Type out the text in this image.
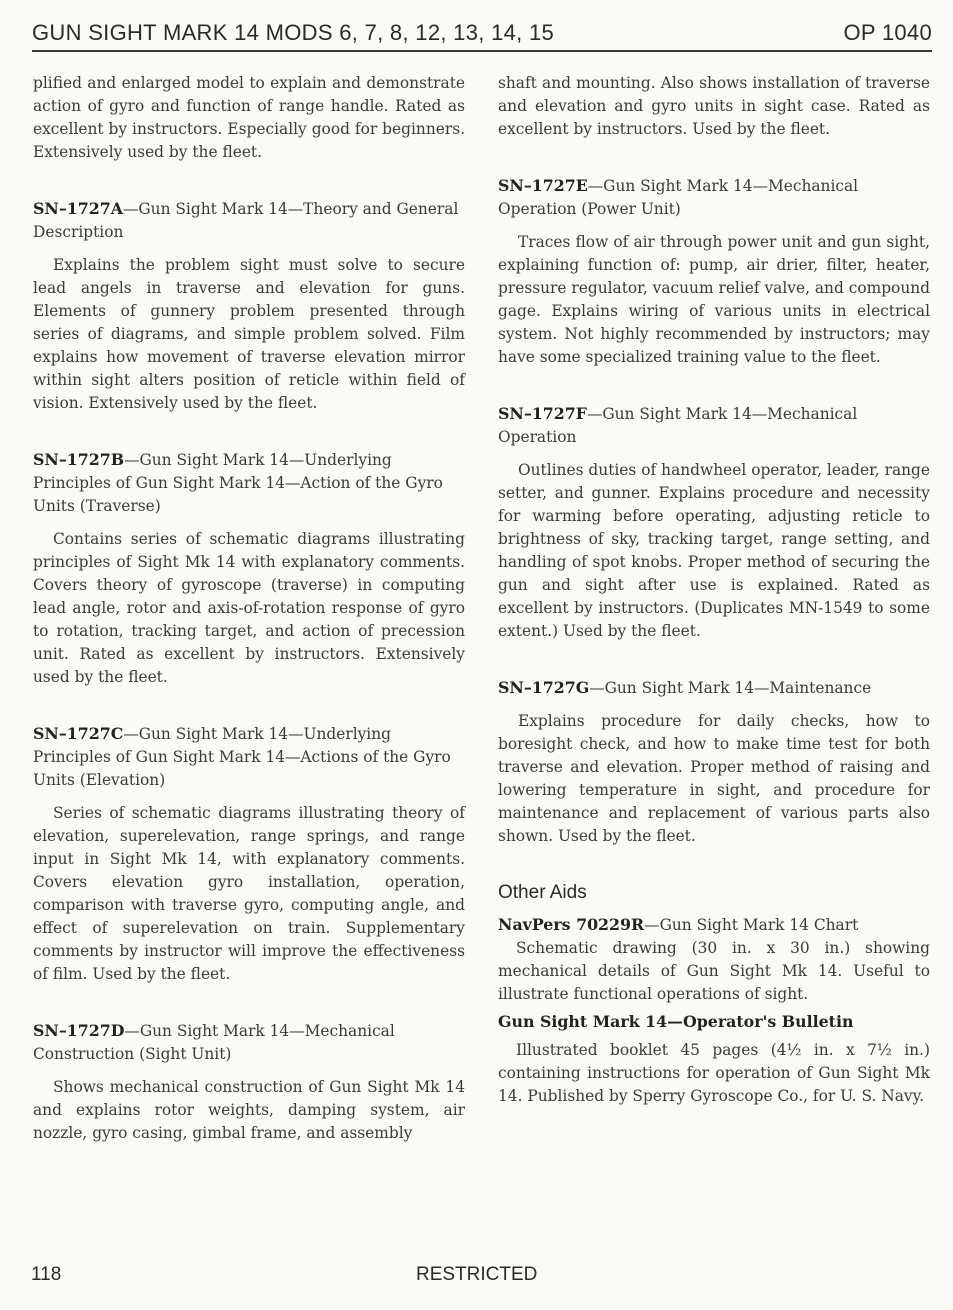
GUN SIGHT MARK 14 MODS 6, 7, 8, 12, 13, 14, 15	OP 1040

plified and enlarged model to explain and demonstrate action of gyro and function of range handle. Rated as excellent by instructors. Especially good for beginners. Extensively used by the fleet.

SN–1727A—Gun Sight Mark 14—Theory and General Description

Explains the problem sight must solve to secure lead angels in traverse and elevation for guns. Elements of gunnery problem presented through series of diagrams, and simple problem solved. Film explains how movement of traverse elevation mirror within sight alters position of reticle within field of vision. Extensively used by the fleet.

SN–1727B—Gun Sight Mark 14—Underlying Principles of Gun Sight Mark 14—Action of the Gyro Units (Traverse)

Contains series of schematic diagrams illustrating principles of Sight Mk 14 with explanatory comments. Covers theory of gyroscope (traverse) in computing lead angle, rotor and axis-of-rotation response of gyro to rotation, tracking target, and action of precession unit. Rated as excellent by instructors. Extensively used by the fleet.

SN–1727C—Gun Sight Mark 14—Underlying Principles of Gun Sight Mark 14—Actions of the Gyro Units (Elevation)

Series of schematic diagrams illustrating theory of elevation, superelevation, range springs, and range input in Sight Mk 14, with explanatory comments. Covers elevation gyro installation, operation, comparison with traverse gyro, computing angle, and effect of superelevation on train. Supplementary comments by instructor will improve the effectiveness of film. Used by the fleet.

SN–1727D—Gun Sight Mark 14—Mechanical Construction (Sight Unit)

Shows mechanical construction of Gun Sight Mk 14 and explains rotor weights, damping system, air nozzle, gyro casing, gimbal frame, and assembly

shaft and mounting. Also shows installation of traverse and elevation and gyro units in sight case. Rated as excellent by instructors. Used by the fleet.

SN–1727E—Gun Sight Mark 14—Mechanical Operation (Power Unit)

Traces flow of air through power unit and gun sight, explaining function of: pump, air drier, filter, heater, pressure regulator, vacuum relief valve, and compound gage. Explains wiring of various units in electrical system. Not highly recommended by instructors; may have some specialized training value to the fleet.

SN–1727F—Gun Sight Mark 14—Mechanical Operation

Outlines duties of handwheel operator, leader, range setter, and gunner. Explains procedure and necessity for warming before operating, adjusting reticle to brightness of sky, tracking target, range setting, and handling of spot knobs. Proper method of securing the gun and sight after use is explained. Rated as excellent by instructors. (Duplicates MN-1549 to some extent.) Used by the fleet.

SN–1727G—Gun Sight Mark 14—Maintenance

Explains procedure for daily checks, how to boresight check, and how to make time test for both traverse and elevation. Proper method of raising and lowering temperature in sight, and procedure for maintenance and replacement of various parts also shown. Used by the fleet.

Other Aids
NavPers 70229R—Gun Sight Mark 14 Chart

Schematic drawing (30 in. x 30 in.) showing mechanical details of Gun Sight Mk 14. Useful to illustrate functional operations of sight.

Gun Sight Mark 14—Operator's Bulletin

Illustrated booklet 45 pages (4½ in. x 7½ in.) containing instructions for operation of Gun Sight Mk 14. Published by Sperry Gyroscope Co., for U. S. Navy.

118	RESTRICTED
